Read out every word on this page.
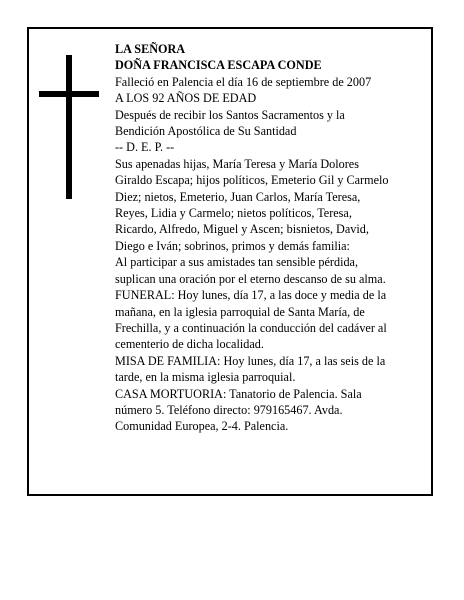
LA SEÑORA
DOÑA FRANCISCA ESCAPA CONDE
Falleció en Palencia el día 16 de septiembre de 2007
A LOS 92 AÑOS DE EDAD
Después de recibir los Santos Sacramentos y la
Bendición Apostólica de Su Santidad
-- D. E. P. --
Sus apenadas hijas, María Teresa y María Dolores
Giraldo Escapa; hijos políticos, Emeterio Gil y Carmelo
Diez; nietos, Emeterio, Juan Carlos, María Teresa,
Reyes, Lidia y Carmelo; nietos políticos, Teresa,
Ricardo, Alfredo, Miguel y Ascen; bisnietos, David,
Diego e Iván; sobrinos, primos y demás familia:
Al participar a sus amistades tan sensible pérdida,
suplican una oración por el eterno descanso de su alma.
FUNERAL: Hoy lunes, día 17, a las doce y media de la
mañana, en la iglesia parroquial de Santa María, de
Frechilla, y a continuación la conducción del cadáver al
cementerio de dicha localidad.
MISA DE FAMILIA: Hoy lunes, día 17, a las seis de la
tarde, en la misma iglesia parroquial.
CASA MORTUORIA: Tanatorio de Palencia. Sala
número 5. Teléfono directo: 979165467. Avda.
Comunidad Europea, 2-4. Palencia.
